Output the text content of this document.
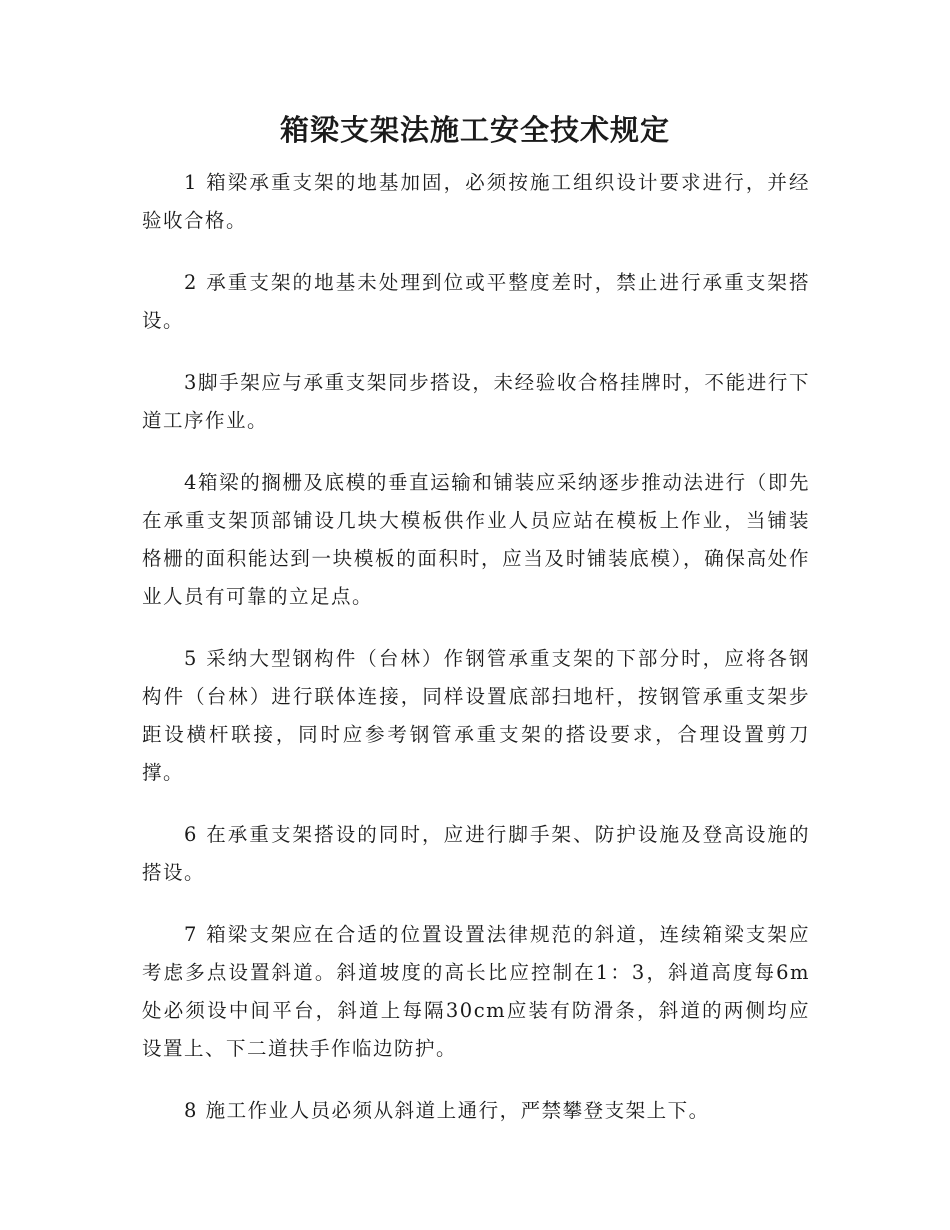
箱梁支架法施工安全技术规定

1 箱梁承重支架的地基加固，必须按施工组织设计要求进行，并经验收合格。

2 承重支架的地基未处理到位或平整度差时，禁止进行承重支架搭设。

3脚手架应与承重支架同步搭设，未经验收合格挂牌时，不能进行下道工序作业。

4箱梁的搁栅及底模的垂直运输和铺装应采纳逐步推动法进行（即先在承重支架顶部铺设几块大模板供作业人员应站在模板上作业，当铺装格栅的面积能达到一块模板的面积时，应当及时铺装底模），确保高处作业人员有可靠的立足点。

5 采纳大型钢构件（台林）作钢管承重支架的下部分时，应将各钢构件（台林）进行联体连接，同样设置底部扫地杆，按钢管承重支架步距设横杆联接，同时应参考钢管承重支架的搭设要求，合理设置剪刀撑。

6 在承重支架搭设的同时，应进行脚手架、防护设施及登高设施的搭设。

7 箱梁支架应在合适的位置设置法律规范的斜道，连续箱梁支架应考虑多点设置斜道。斜道坡度的高长比应控制在1：3，斜道高度每6m处必须设中间平台，斜道上每隔30cm应装有防滑条，斜道的两侧均应设置上、下二道扶手作临边防护。

8 施工作业人员必须从斜道上通行，严禁攀登支架上下。
